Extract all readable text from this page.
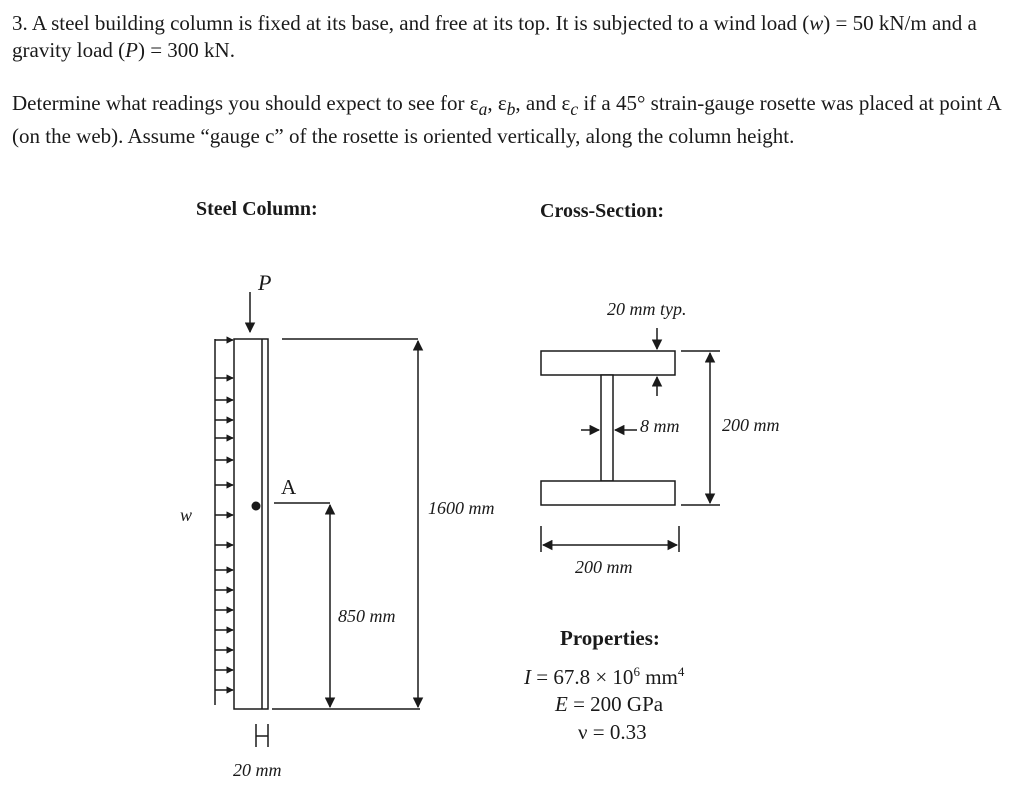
3. A steel building column is fixed at its base, and free at its top. It is subjected to a wind load (w) = 50 kN/m and a gravity load (P) = 300 kN.

Determine what readings you should expect to see for $\varepsilon_a$, $\varepsilon_b$, and $\varepsilon_c$ if a 45° strain-gauge rosette was placed at point A (on the web). Assume “gauge c” of the rosette is oriented vertically, along the column height.

Steel Column:	Cross-Section:
P
A
w	1600 mm
850 mm
20 mm
20 mm typ.
8 mm 200 mm
200 mm
Properties:
$I = 67.8 \times 10^6$ $mm^4$
E = 200 GPa
ν = 0.33
